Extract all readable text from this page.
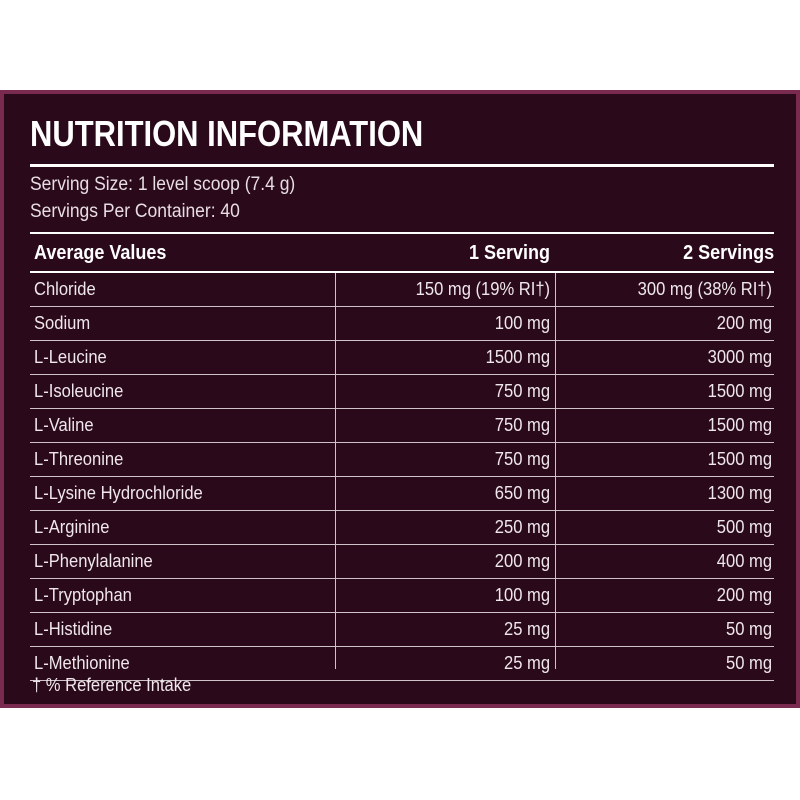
NUTRITION INFORMATION
Serving Size: 1 level scoop (7.4 g)
Servings Per Container: 40
Average Values	1 Serving	2 Servings
Chloride	150 mg (19% RI†)	300 mg (38% RI†)
Sodium	100 mg	200 mg
L-Leucine	1500 mg	3000 mg
L-Isoleucine	750 mg	1500 mg
L-Valine	750 mg	1500 mg
L-Threonine	750 mg	1500 mg
L-Lysine Hydrochloride	650 mg	1300 mg
L-Arginine	250 mg	500 mg
L-Phenylalanine	200 mg	400 mg
L-Tryptophan	100 mg	200 mg
L-Histidine	25 mg	50 mg
L-Methionine	25 mg	50 mg
† % Reference Intake
